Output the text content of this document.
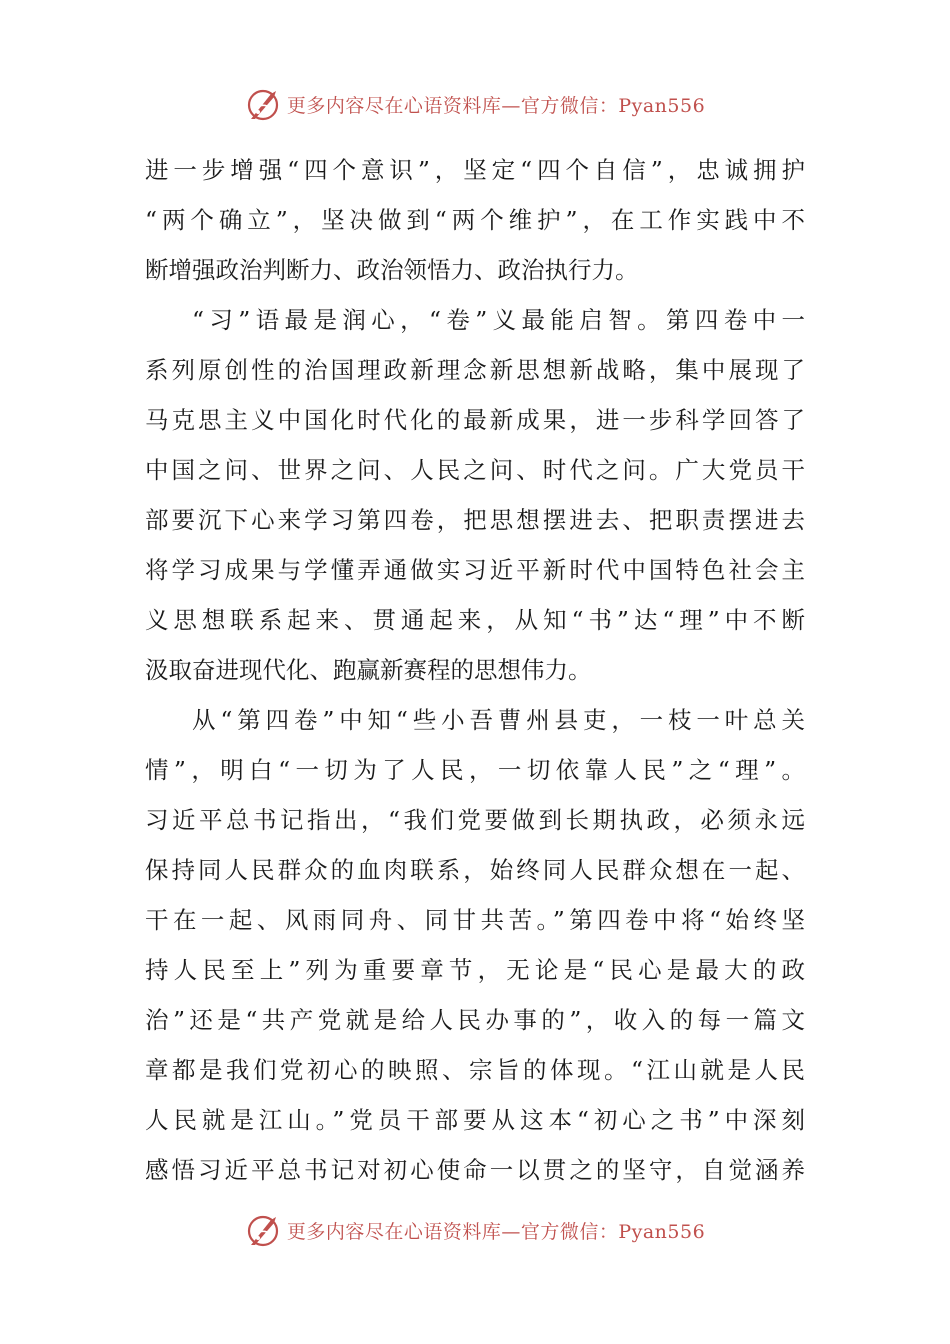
更多内容尽在心语资料库—官方微信：Pyan556
进一步增强“四个意识”，坚定“四个自信”，忠诚拥护
“两个确立”，坚决做到“两个维护”，在工作实践中不
断增强政治判断力、政治领悟力、政治执行力。
“习”语最是润心，“卷”义最能启智。第四卷中一
系列原创性的治国理政新理念新思想新战略，集中展现了
马克思主义中国化时代化的最新成果，进一步科学回答了
中国之问、世界之问、人民之问、时代之问。广大党员干
部要沉下心来学习第四卷，把思想摆进去、把职责摆进去
将学习成果与学懂弄通做实习近平新时代中国特色社会主
义思想联系起来、贯通起来，从知“书”达“理”中不断
汲取奋进现代化、跑赢新赛程的思想伟力。
从“第四卷”中知“些小吾曹州县吏，一枝一叶总关
情”，明白“一切为了人民，一切依靠人民”之“理”。
习近平总书记指出，“我们党要做到长期执政，必须永远
保持同人民群众的血肉联系，始终同人民群众想在一起、
干在一起、风雨同舟、同甘共苦。”第四卷中将“始终坚
持人民至上”列为重要章节，无论是“民心是最大的政
治”还是“共产党就是给人民办事的”，收入的每一篇文
章都是我们党初心的映照、宗旨的体现。“江山就是人民
人民就是江山。”党员干部要从这本“初心之书”中深刻
感悟习近平总书记对初心使命一以贯之的坚守，自觉涵养
更多内容尽在心语资料库—官方微信：Pyan556
